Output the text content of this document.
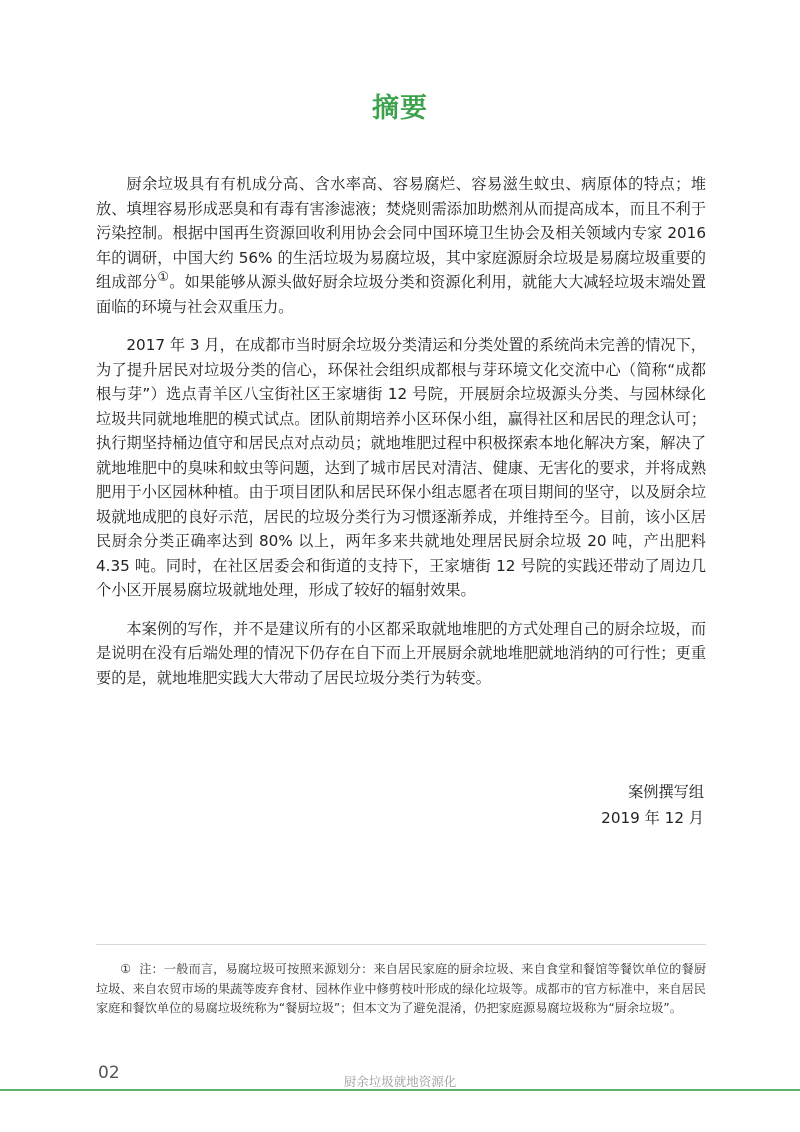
摘要

厨余垃圾具有有机成分高、含水率高、容易腐烂、容易滋生蚊虫、病原体的特点；堆放、填埋容易形成恶臭和有毒有害渗滤液；焚烧则需添加助燃剂从而提高成本，而且不利于污染控制。根据中国再生资源回收利用协会会同中国环境卫生协会及相关领域内专家 2016 年的调研，中国大约 56% 的生活垃圾为易腐垃圾，其中家庭源厨余垃圾是易腐垃圾重要的组成部分①。如果能够从源头做好厨余垃圾分类和资源化利用，就能大大减轻垃圾末端处置面临的环境与社会双重压力。

2017 年 3 月，在成都市当时厨余垃圾分类清运和分类处置的系统尚未完善的情况下，为了提升居民对垃圾分类的信心，环保社会组织成都根与芽环境文化交流中心（简称“成都根与芽”）选点青羊区八宝街社区王家塘街 12 号院，开展厨余垃圾源头分类、与园林绿化垃圾共同就地堆肥的模式试点。团队前期培养小区环保小组，赢得社区和居民的理念认可；执行期坚持桶边值守和居民点对点动员；就地堆肥过程中积极探索本地化解决方案，解决了就地堆肥中的臭味和蚊虫等问题，达到了城市居民对清洁、健康、无害化的要求，并将成熟肥用于小区园林种植。由于项目团队和居民环保小组志愿者在项目期间的坚守，以及厨余垃圾就地成肥的良好示范，居民的垃圾分类行为习惯逐渐养成，并维持至今。目前，该小区居民厨余分类正确率达到 80% 以上，两年多来共就地处理居民厨余垃圾 20 吨，产出肥料 4.35 吨。同时，在社区居委会和街道的支持下，王家塘街 12 号院的实践还带动了周边几个小区开展易腐垃圾就地处理，形成了较好的辐射效果。

本案例的写作，并不是建议所有的小区都采取就地堆肥的方式处理自己的厨余垃圾，而是说明在没有后端处理的情况下仍存在自下而上开展厨余就地堆肥就地消纳的可行性；更重要的是，就地堆肥实践大大带动了居民垃圾分类行为转变。

案例撰写组
2019 年 12 月
① 注：一般而言，易腐垃圾可按照来源划分：来自居民家庭的厨余垃圾、来自食堂和餐馆等餐饮单位的餐厨垃圾、来自农贸市场的果蔬等废弃食材、园林作业中修剪枝叶形成的绿化垃圾等。成都市的官方标准中，来自居民家庭和餐饮单位的易腐垃圾统称为“餐厨垃圾”；但本文为了避免混淆，仍把家庭源易腐垃圾称为“厨余垃圾”。
02	厨余垃圾就地资源化
